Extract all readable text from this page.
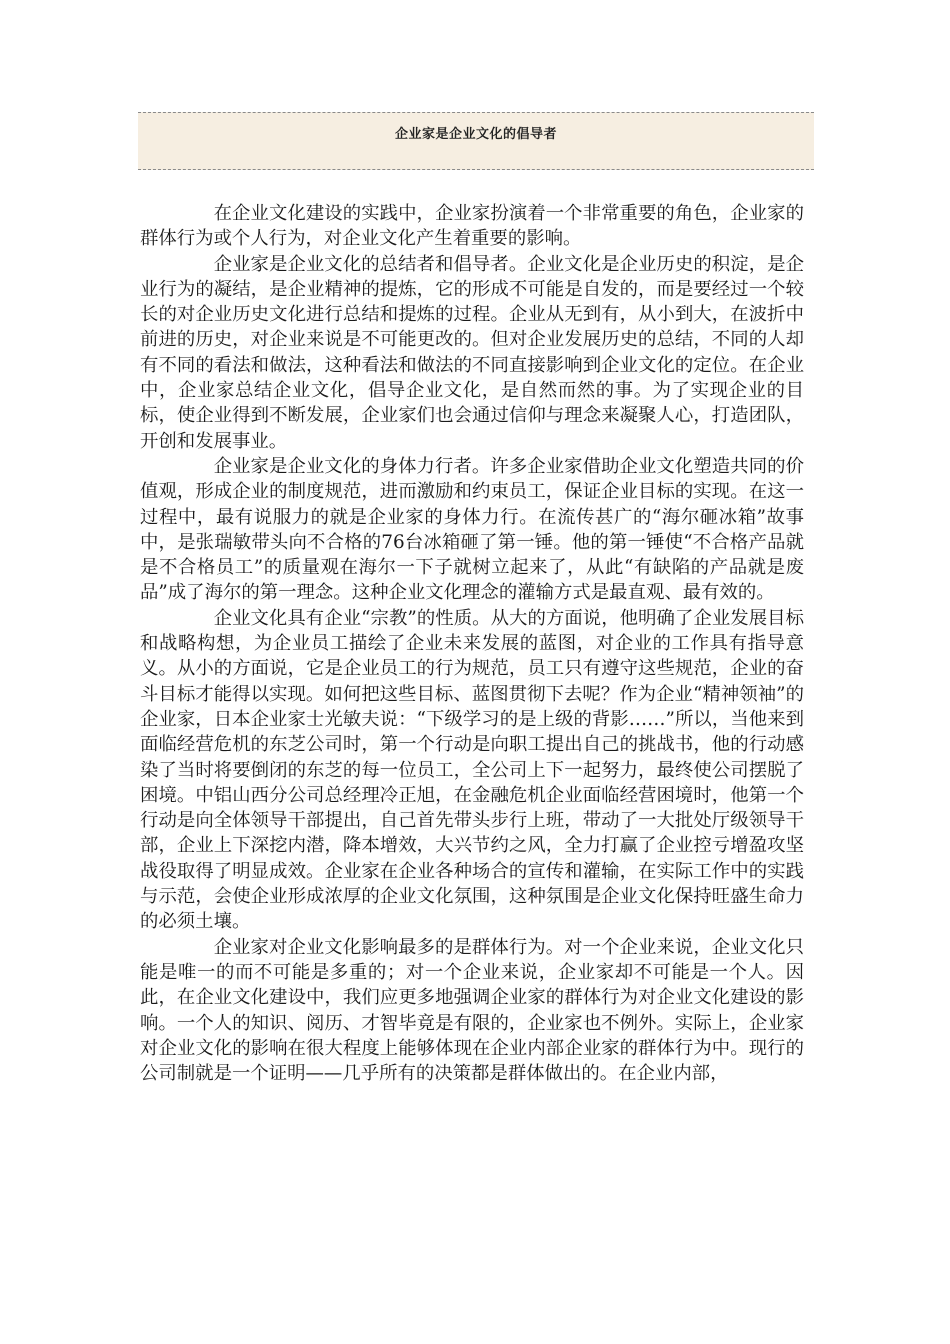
企业家是企业文化的倡导者

在企业文化建设的实践中，企业家扮演着一个非常重要的角色，企业家的群体行为或个人行为，对企业文化产生着重要的影响。

企业家是企业文化的总结者和倡导者。企业文化是企业历史的积淀，是企业行为的凝结，是企业精神的提炼，它的形成不可能是自发的，而是要经过一个较长的对企业历史文化进行总结和提炼的过程。企业从无到有，从小到大，在波折中前进的历史，对企业来说是不可能更改的。但对企业发展历史的总结，不同的人却有不同的看法和做法，这种看法和做法的不同直接影响到企业文化的定位。在企业中，企业家总结企业文化，倡导企业文化，是自然而然的事。为了实现企业的目标，使企业得到不断发展，企业家们也会通过信仰与理念来凝聚人心，打造团队，开创和发展事业。

企业家是企业文化的身体力行者。许多企业家借助企业文化塑造共同的价值观，形成企业的制度规范，进而激励和约束员工，保证企业目标的实现。在这一过程中，最有说服力的就是企业家的身体力行。在流传甚广的“海尔砸冰箱”故事中，是张瑞敏带头向不合格的76台冰箱砸了第一锤。他的第一锤使“不合格产品就是不合格员工”的质量观在海尔一下子就树立起来了，从此“有缺陷的产品就是废品”成了海尔的第一理念。这种企业文化理念的灌输方式是最直观、最有效的。

企业文化具有企业“宗教”的性质。从大的方面说，他明确了企业发展目标和战略构想，为企业员工描绘了企业未来发展的蓝图，对企业的工作具有指导意义。从小的方面说，它是企业员工的行为规范，员工只有遵守这些规范，企业的奋斗目标才能得以实现。如何把这些目标、蓝图贯彻下去呢？作为企业“精神领袖”的企业家，日本企业家士光敏夫说：“下级学习的是上级的背影……”所以，当他来到面临经营危机的东芝公司时，第一个行动是向职工提出自己的挑战书，他的行动感染了当时将要倒闭的东芝的每一位员工，全公司上下一起努力，最终使公司摆脱了困境。中铝山西分公司总经理冷正旭，在金融危机企业面临经营困境时，他第一个行动是向全体领导干部提出，自己首先带头步行上班，带动了一大批处厅级领导干部，企业上下深挖内潜，降本增效，大兴节约之风，全力打赢了企业控亏增盈攻坚战役取得了明显成效。企业家在企业各种场合的宣传和灌输，在实际工作中的实践与示范，会使企业形成浓厚的企业文化氛围，这种氛围是企业文化保持旺盛生命力的必须土壤。

企业家对企业文化影响最多的是群体行为。对一个企业来说，企业文化只能是唯一的而不可能是多重的；对一个企业来说，企业家却不可能是一个人。因此，在企业文化建设中，我们应更多地强调企业家的群体行为对企业文化建设的影响。一个人的知识、阅历、才智毕竟是有限的，企业家也不例外。实际上，企业家对企业文化的影响在很大程度上能够体现在企业内部企业家的群体行为中。现行的公司制就是一个证明——几乎所有的决策都是群体做出的。在企业内部，
